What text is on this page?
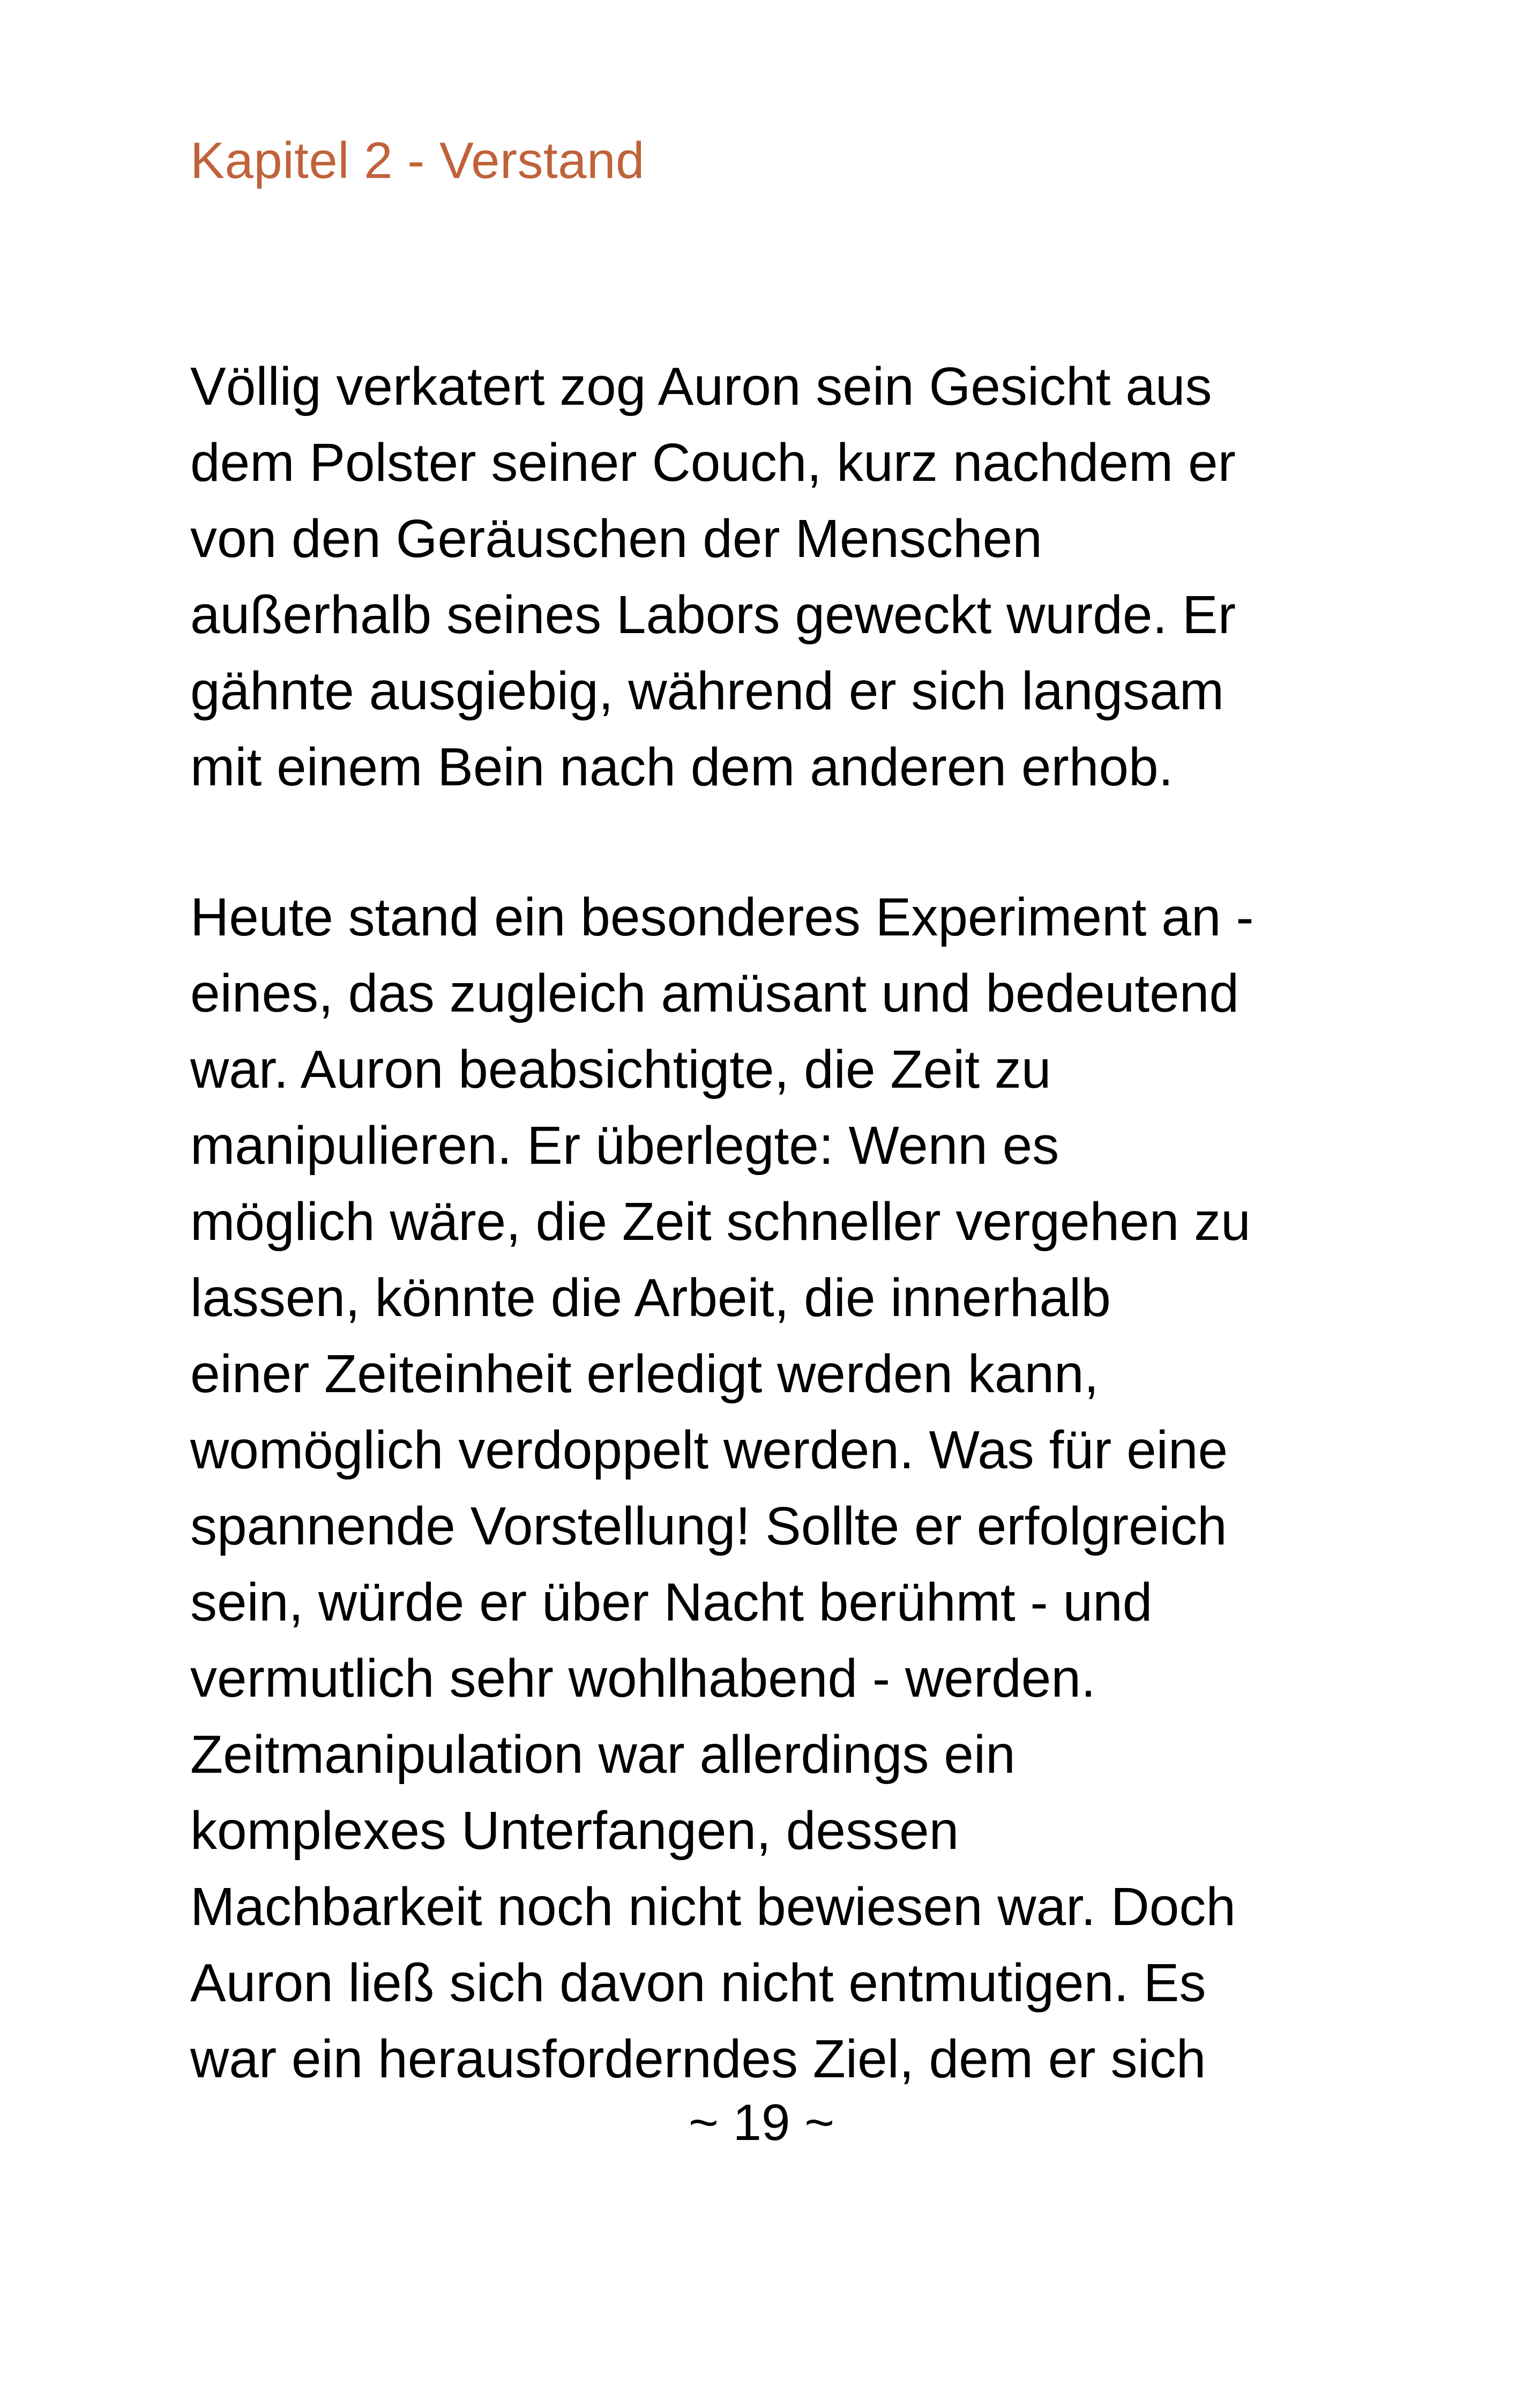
Kapitel 2 - Verstand
Völlig verkatert zog Auron sein Gesicht aus
dem Polster seiner Couch, kurz nachdem er
von den Geräuschen der Menschen
außerhalb seines Labors geweckt wurde. Er
gähnte ausgiebig, während er sich langsam
mit einem Bein nach dem anderen erhob.
Heute stand ein besonderes Experiment an -
eines, das zugleich amüsant und bedeutend
war. Auron beabsichtigte, die Zeit zu
manipulieren. Er überlegte: Wenn es
möglich wäre, die Zeit schneller vergehen zu
lassen, könnte die Arbeit, die innerhalb
einer Zeiteinheit erledigt werden kann,
womöglich verdoppelt werden. Was für eine
spannende Vorstellung! Sollte er erfolgreich
sein, würde er über Nacht berühmt - und
vermutlich sehr wohlhabend - werden.
Zeitmanipulation war allerdings ein
komplexes Unterfangen, dessen
Machbarkeit noch nicht bewiesen war. Doch
Auron ließ sich davon nicht entmutigen. Es
war ein herausforderndes Ziel, dem er sich
~ 19 ~
